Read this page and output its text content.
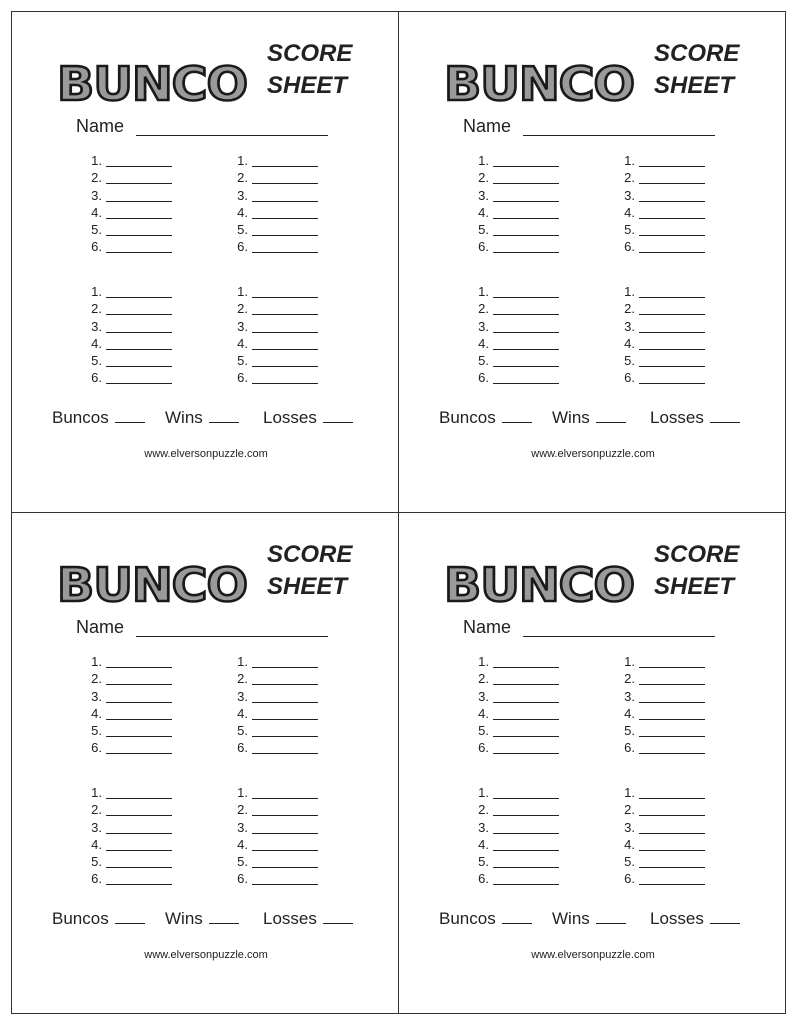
BUNCO
SCORE
SHEET
Name
1.
2.
3.
4.
5.
6.
1.
2.
3.
4.
5.
6.
1.
2.
3.
4.
5.
6.
1.
2.
3.
4.
5.
6.
Buncos	Wins	Losses
www.elversonpuzzle.com
BUNCO
SCORE
SHEET
Name
1.
2.
3.
4.
5.
6.
1.
2.
3.
4.
5.
6.
1.
2.
3.
4.
5.
6.
1.
2.
3.
4.
5.
6.
Buncos	Wins	Losses
www.elversonpuzzle.com
BUNCO
SCORE
SHEET
Name
1.
2.
3.
4.
5.
6.
1.
2.
3.
4.
5.
6.
1.
2.
3.
4.
5.
6.
1.
2.
3.
4.
5.
6.
Buncos	Wins	Losses
www.elversonpuzzle.com
BUNCO
SCORE
SHEET
Name
1.
2.
3.
4.
5.
6.
1.
2.
3.
4.
5.
6.
1.
2.
3.
4.
5.
6.
1.
2.
3.
4.
5.
6.
Buncos	Wins	Losses
www.elversonpuzzle.com
